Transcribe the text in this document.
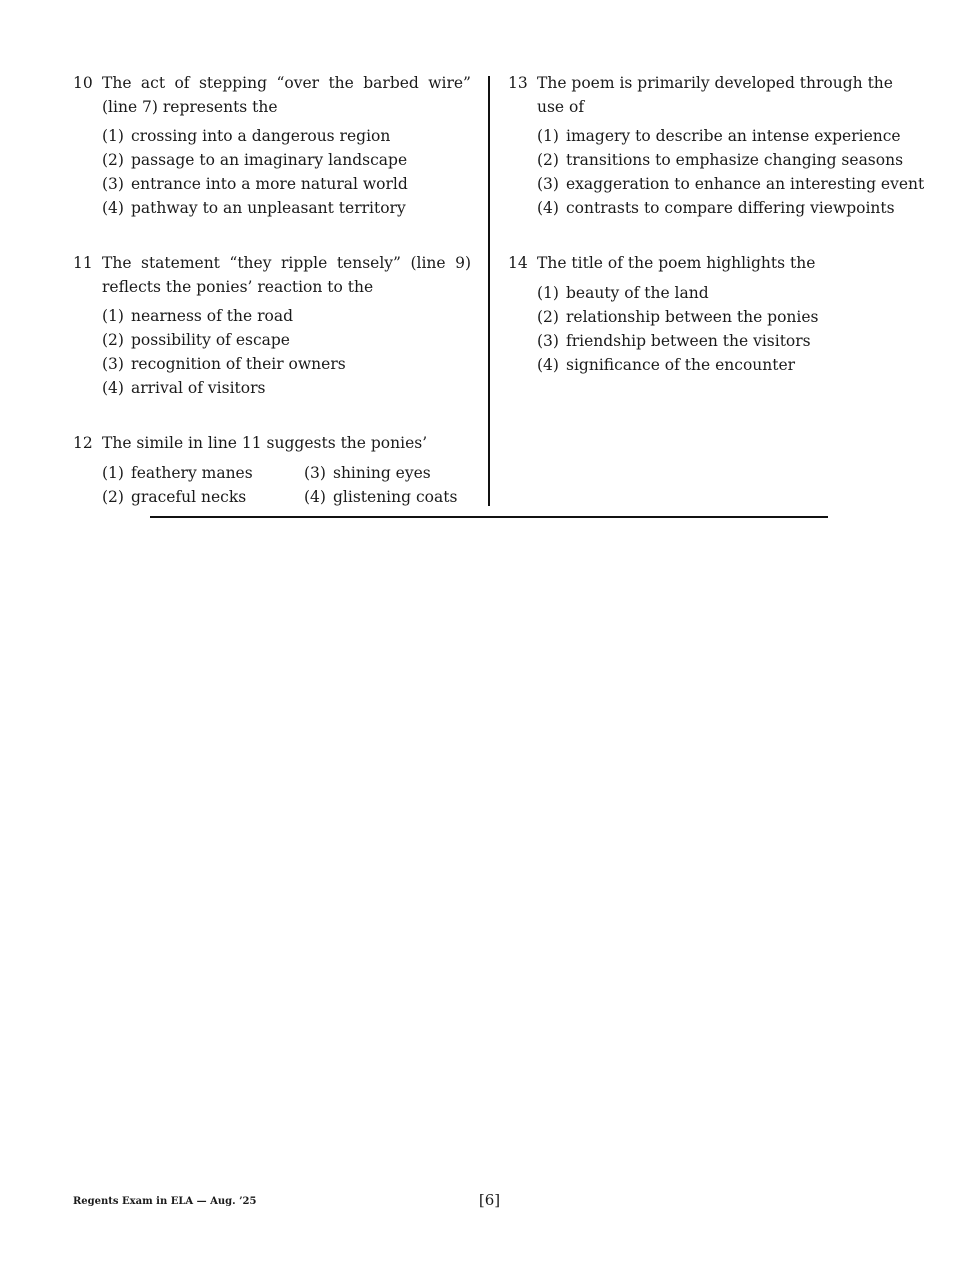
10 The act of stepping “over the barbed wire” (line 7) represents the
(1) crossing into a dangerous region
(2) passage to an imaginary landscape
(3) entrance into a more natural world
(4) pathway to an unpleasant territory
11 The statement “they ripple tensely” (line 9) reflects the ponies’ reaction to the
(1) nearness of the road
(2) possibility of escape
(3) recognition of their owners
(4) arrival of visitors
12 The simile in line 11 suggests the ponies’
(1) feathery manes
(2) graceful necks
(3) shining eyes
(4) glistening coats
13 The poem is primarily developed through the use of
(1) imagery to describe an intense experience
(2) transitions to emphasize changing seasons
(3) exaggeration to enhance an interesting event
(4) contrasts to compare differing viewpoints
14 The title of the poem highlights the
(1) beauty of the land
(2) relationship between the ponies
(3) friendship between the visitors
(4) significance of the encounter
Regents Exam in ELA — Aug. ’25	[6]
